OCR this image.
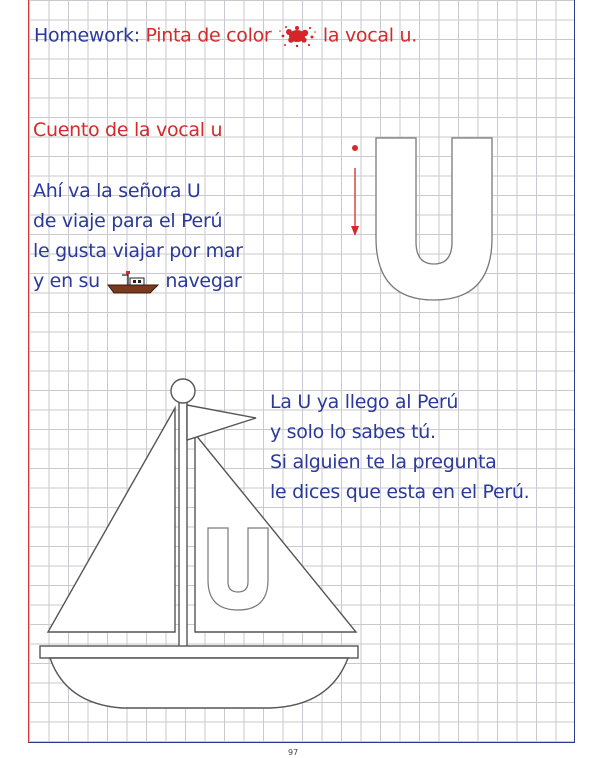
Homework: Pinta de color	la vocal u.
Cuento de la vocal u
Ahí va la señora U
de viaje para el Perú
le gusta viajar por mar
y en su	navegar
La U ya llego al Perú
y solo lo sabes tú.
Si alguien te la pregunta
le dices que esta en el Perú.
97
